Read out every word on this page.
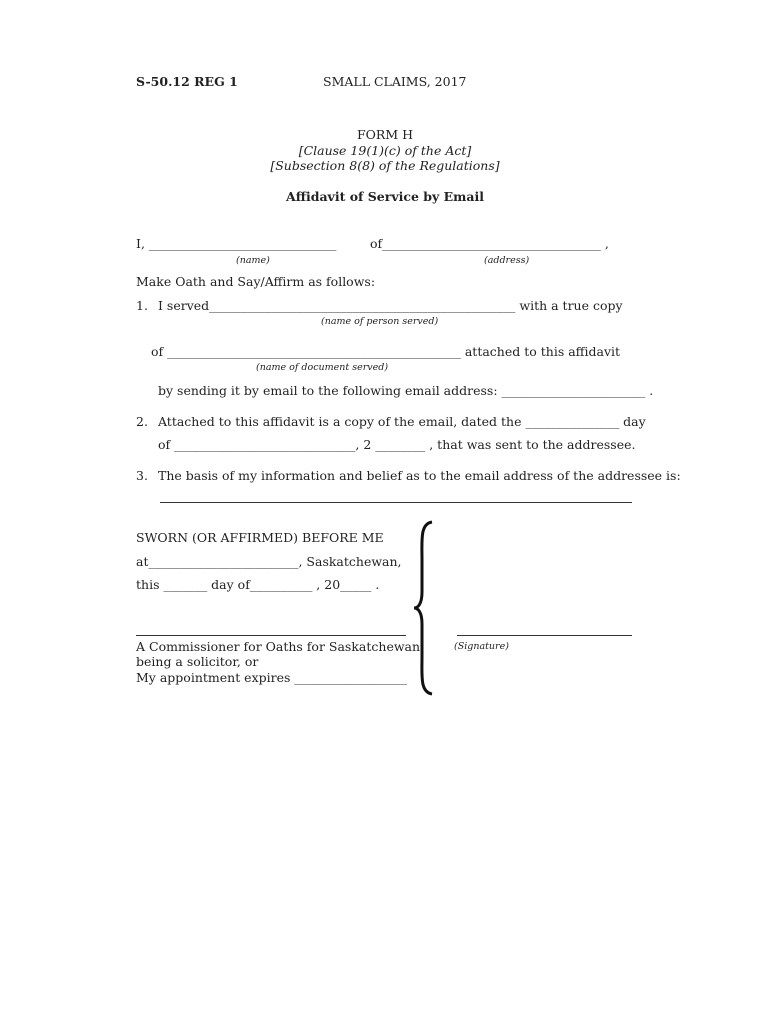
S-50.12 REG 1	SMALL CLAIMS, 2017
FORM H
[Clause 19(1)(c) of the Act]
[Subsection 8(8) of the Regulations]
Affidavit of Service by Email
I, ______________________________	of___________________________________ ,
(name)	(address)
Make Oath and Say/Affirm as follows:
1. I served_________________________________________________ with a true copy
(name of person served)
of _______________________________________________ attached to this affidavit
(name of document served)
by sending it by email to the following email address: _______________________ .
2. Attached to this affidavit is a copy of the email, dated the _______________ day
of _____________________________, 2 ________ , that was sent to the addressee.
3. The basis of my information and belief as to the email address of the addressee is:
SWORN (OR AFFIRMED) BEFORE ME
at________________________, Saskatchewan,
this _______ day of__________ , 20_____ .
A Commissioner for Oaths for Saskatchewan
being a solicitor, or
My appointment expires __________________
(Signature)
